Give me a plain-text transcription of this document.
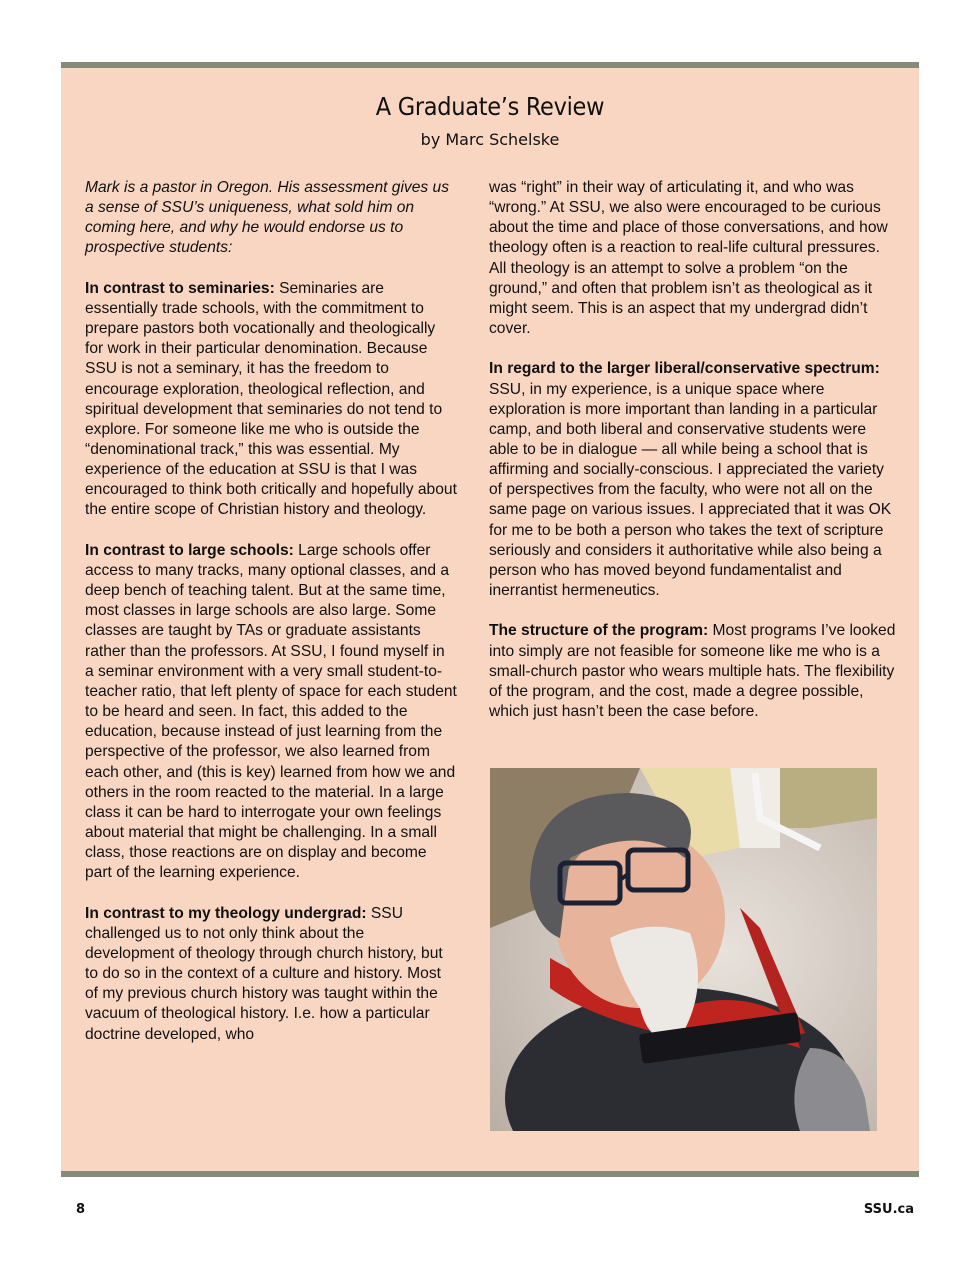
A Graduate’s Review
by Marc Schelske

Mark is a pastor in Oregon. His assessment gives us a sense of SSU’s uniqueness, what sold him on coming here, and why he would endorse us to prospective students:

In contrast to seminaries: Seminaries are essentially trade schools, with the commitment to prepare pastors both vocationally and theologically for work in their particular denomination. Because SSU is not a seminary, it has the freedom to encourage exploration, theological reflection, and spiritual development that seminaries do not tend to explore. For someone like me who is outside the “denominational track,” this was essential. My experience of the education at SSU is that I was encouraged to think both critically and hopefully about the entire scope of Christian history and theology.

In contrast to large schools: Large schools offer access to many tracks, many optional classes, and a deep bench of teaching talent. But at the same time, most classes in large schools are also large. Some classes are taught by TAs or graduate assistants rather than the professors. At SSU, I found myself in a seminar environment with a very small student-to-teacher ratio, that left plenty of space for each student to be heard and seen. In fact, this added to the education, because instead of just learning from the perspective of the professor, we also learned from each other, and (this is key) learned from how we and others in the room reacted to the material. In a large class it can be hard to interrogate your own feelings about material that might be challenging. In a small class, those reactions are on display and become part of the learning experience.

In contrast to my theology undergrad: SSU challenged us to not only think about the development of theology through church history, but to do so in the context of a culture and history. Most of my previous church history was taught within the vacuum of theological history. I.e. how a particular doctrine developed, who

was “right” in their way of articulating it, and who was “wrong.” At SSU, we also were encouraged to be curious about the time and place of those conversations, and how theology often is a reaction to real-life cultural pressures. All theology is an attempt to solve a problem “on the ground,” and often that problem isn’t as theological as it might seem. This is an aspect that my undergrad didn’t cover.

In regard to the larger liberal/conservative spectrum: SSU, in my experience, is a unique space where exploration is more important than landing in a particular camp, and both liberal and conservative students were able to be in dialogue — all while being a school that is affirming and socially-conscious. I appreciated the variety of perspectives from the faculty, who were not all on the same page on various issues. I appreciated that it was OK for me to be both a person who takes the text of scripture seriously and considers it authoritative while also being a person who has moved beyond fundamentalist and inerrantist hermeneutics.

The structure of the program: Most programs I’ve looked into simply are not feasible for someone like me who is a small-church pastor who wears multiple hats. The flexibility of the program, and the cost, made a degree possible, which just hasn’t been the case before.

8	SSU.ca
